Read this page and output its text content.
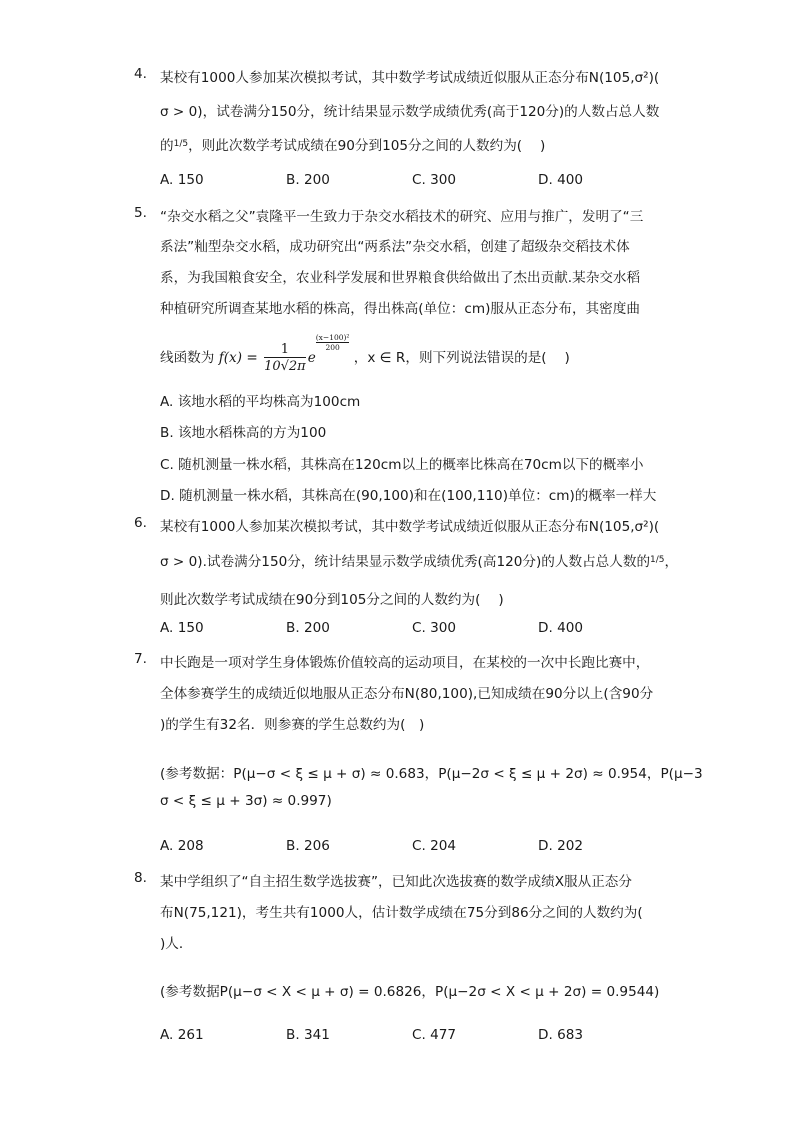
4. 某校有1000人参加某次模拟考试，其中数学考试成绩近似服从正态分布N(105,σ²)(
σ > 0)，试卷满分150分，统计结果显示数学成绩优秀(高于120分)的人数占总人数
的$^{1/5}$，则此次数学考试成绩在90分到105分之间的人数约为(　 )
A. 150	B. 200	C. 300	D. 400
5. “杂交水稻之父”袁隆平一生致力于杂交水稻技术的研究、应用与推广，发明了“三
系法”籼型杂交水稻，成功研究出“两系法”杂交水稻，创建了超级杂交稻技术体
系，为我国粮食安全，农业科学发展和世界粮食供给做出了杰出贡献.某杂交水稻
种植研究所调查某地水稻的株高，得出株高(单位：cm)服从正态分布，其密度曲
线函数为 $f(x) = \frac{1}{10√2\pi}$ e
$\frac{\text{(x−100)²}}{200}$
，x ∈ R，则下列说法错误的是(　 )
A. 该地水稻的平均株高为100cm
B. 该地水稻株高的方为100
C. 随机测量一株水稻，其株高在120cm以上的概率比株高在70cm以下的概率小
D. 随机测量一株水稻，其株高在(90,100)和在(100,110)单位：cm)的概率一样大
6. 某校有1000人参加某次模拟考试，其中数学考试成绩近似服从正态分布N(105,σ²)(
σ > 0).试卷满分150分，统计结果显示数学成绩优秀(高120分)的人数占总人数的$^{1/5}$，
则此次数学考试成绩在90分到105分之间的人数约为(　 )
A. 150	B. 200	C. 300	D. 400
7. 中长跑是一项对学生身体锻炼价值较高的运动项目，在某校的一次中长跑比赛中，
全体参赛学生的成绩近似地服从正态分布N(80,100),已知成绩在90分以上(含90分
)的学生有32名．则参赛的学生总数约为(　)
(参考数据：P(μ−σ < ξ ≤ μ + σ) ≈ 0.683，P(μ−2σ < ξ ≤ μ + 2σ) ≈ 0.954，P(μ−3
σ < ξ ≤ μ + 3σ) ≈ 0.997)
A. 208	B. 206	C. 204	D. 202
8. 某中学组织了“自主招生数学选拔赛”，已知此次选拔赛的数学成绩X服从正态分
布N(75,121)，考生共有1000人，估计数学成绩在75分到86分之间的人数约为(
)人．
(参考数据P(μ−σ < X < μ + σ) = 0.6826，P(μ−2σ < X < μ + 2σ) = 0.9544)
A. 261	B. 341	C. 477	D. 683
